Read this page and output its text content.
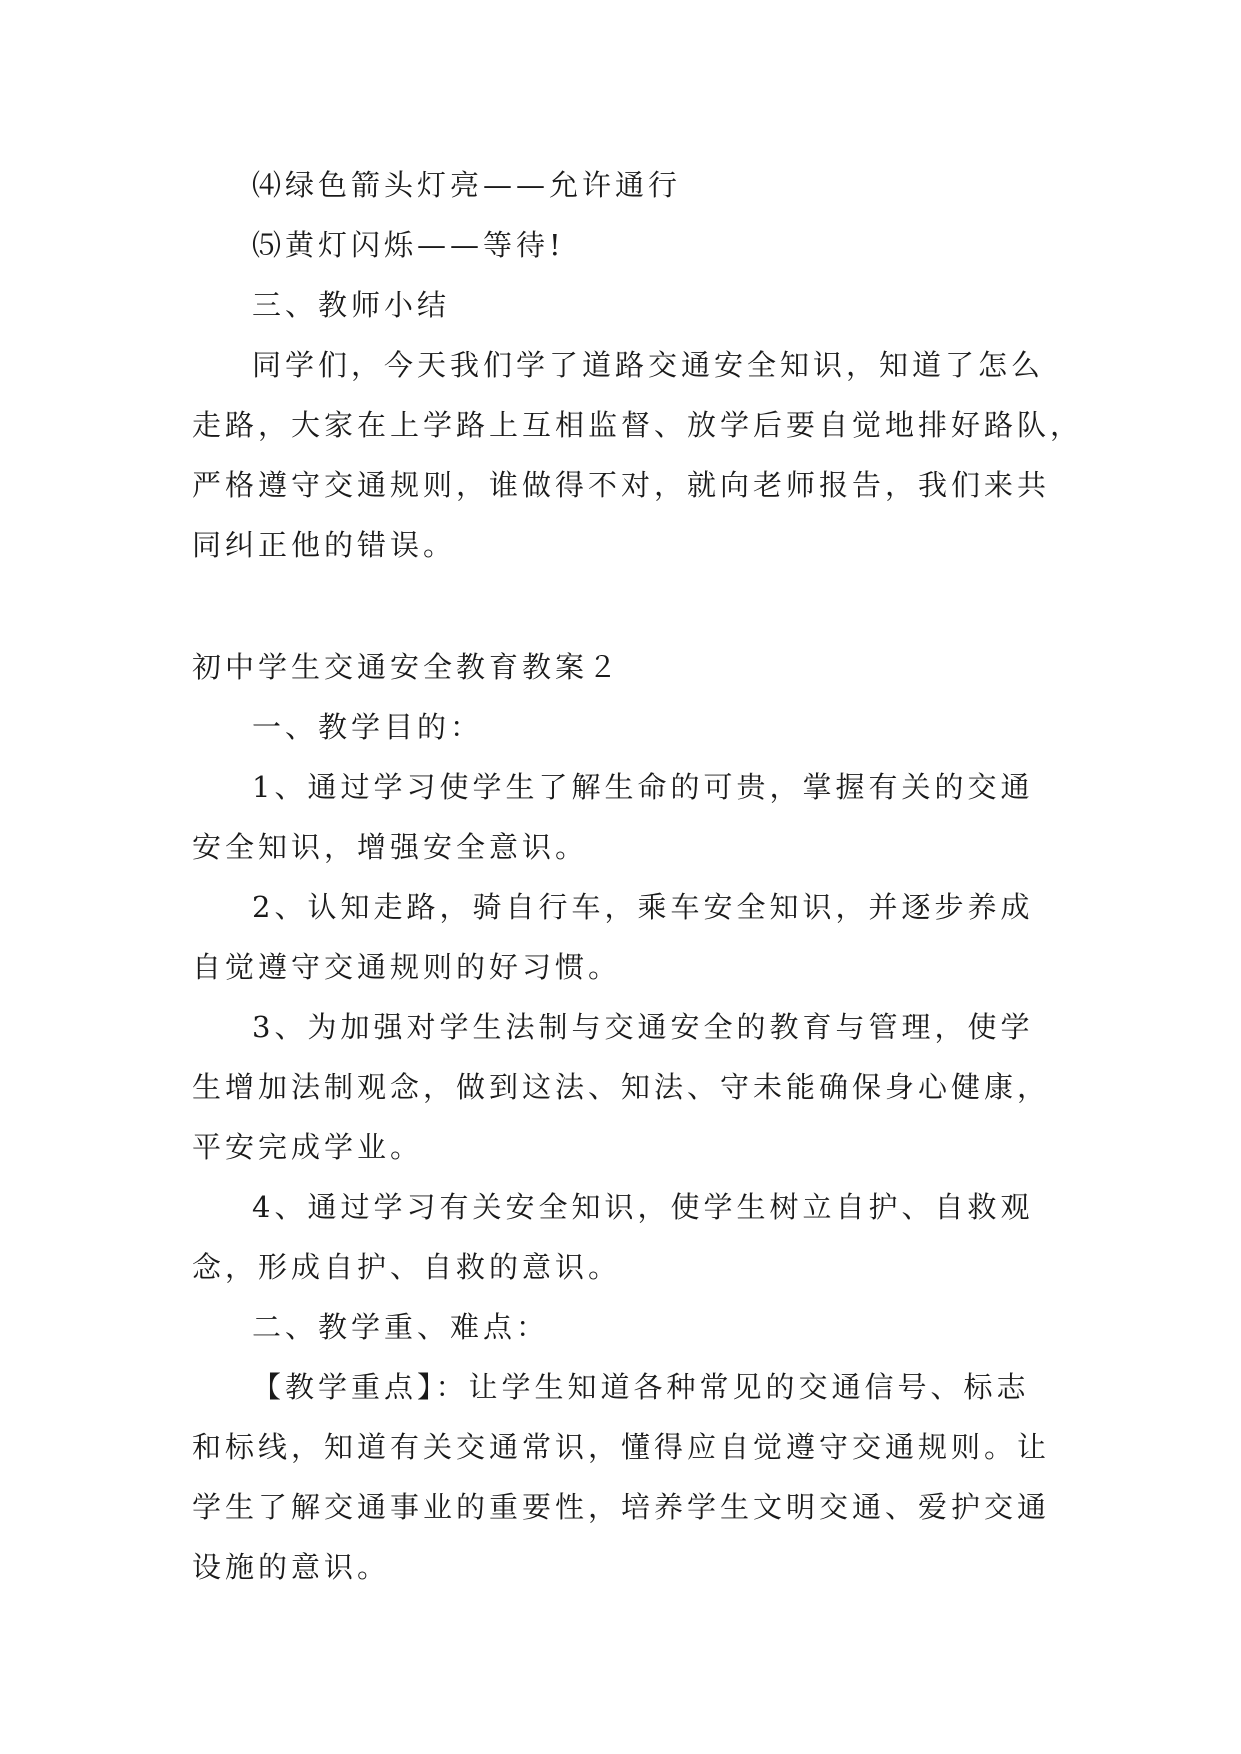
⑷绿色箭头灯亮——允许通行

⑸黄灯闪烁——等待!

三、教师小结

同学们，今天我们学了道路交通安全知识，知道了怎么

走路，大家在上学路上互相监督、放学后要自觉地排好路队，

严格遵守交通规则，谁做得不对，就向老师报告，我们来共

同纠正他的错误。

初中学生交通安全教育教案２

一、教学目的：

1、通过学习使学生了解生命的可贵，掌握有关的交通

安全知识，增强安全意识。

2、认知走路，骑自行车，乘车安全知识，并逐步养成

自觉遵守交通规则的好习惯。

3、为加强对学生法制与交通安全的教育与管理，使学

生增加法制观念，做到这法、知法、守未能确保身心健康，

平安完成学业。

4、通过学习有关安全知识，使学生树立自护、自救观

念，形成自护、自救的意识。

二、教学重、难点：

【教学重点】：让学生知道各种常见的交通信号、标志

和标线，知道有关交通常识，懂得应自觉遵守交通规则。让

学生了解交通事业的重要性，培养学生文明交通、爱护交通

设施的意识。
